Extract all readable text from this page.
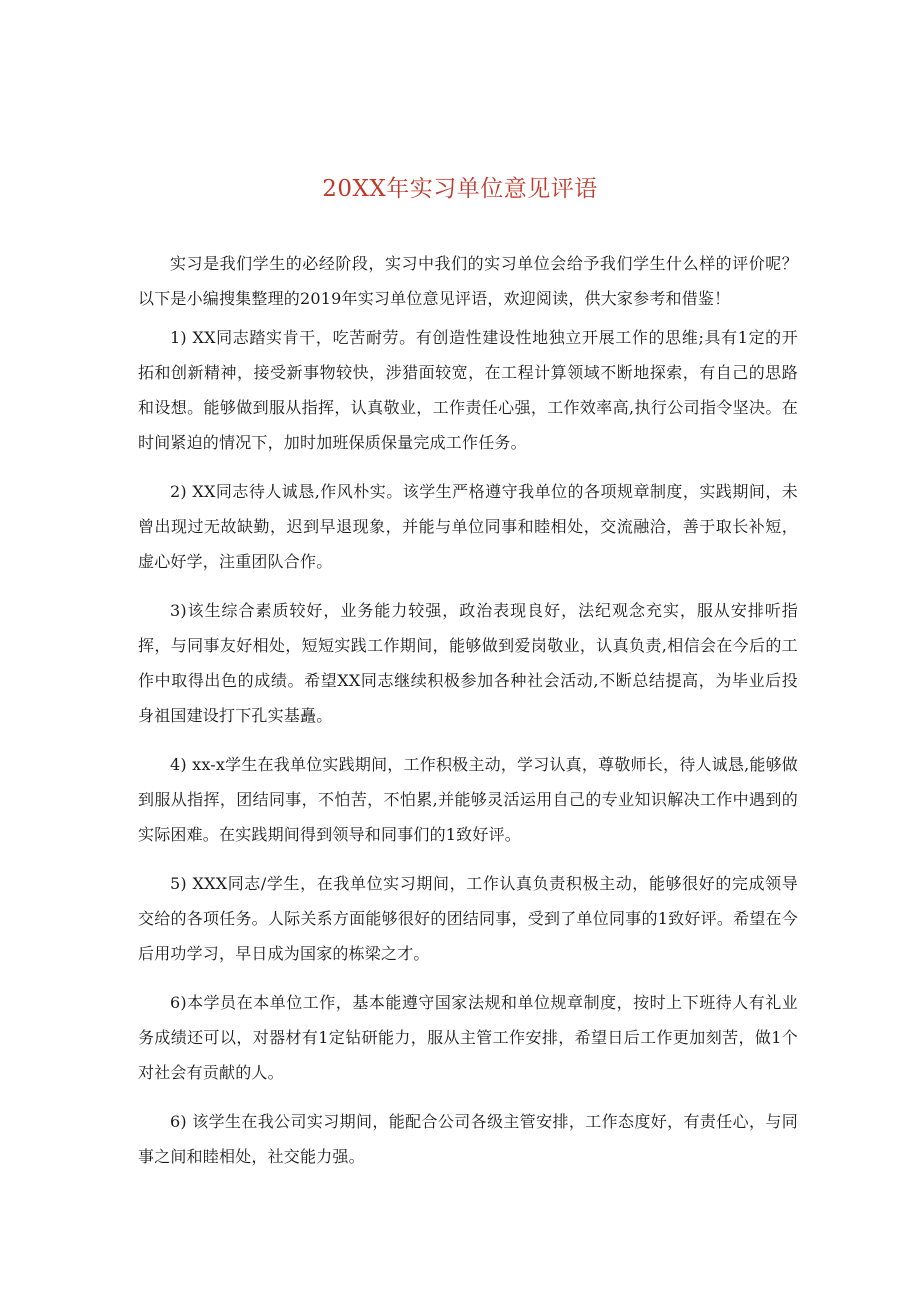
20XX年实习单位意见评语

实习是我们学生的必经阶段，实习中我们的实习单位会给予我们学生什么样的评价呢？以下是小编搜集整理的2019年实习单位意见评语，欢迎阅读，供大家参考和借鉴！

1) XX同志踏实肯干，吃苦耐劳。有创造性建设性地独立开展工作的思维;具有1定的开拓和创新精神，接受新事物较快，涉猎面较宽，在工程计算领域不断地探索，有自己的思路和设想。能够做到服从指挥，认真敬业，工作责任心强，工作效率高,执行公司指令坚决。在时间紧迫的情况下，加时加班保质保量完成工作任务。

2) XX同志待人诚恳,作风朴实。该学生严格遵守我单位的各项规章制度，实践期间，未曾出现过无故缺勤，迟到早退现象，并能与单位同事和睦相处，交流融洽，善于取长补短，虚心好学，注重团队合作。

3)该生综合素质较好，业务能力较强，政治表现良好，法纪观念充实，服从安排听指挥，与同事友好相处，短短实践工作期间，能够做到爱岗敬业，认真负责,相信会在今后的工作中取得出色的成绩。希望XX同志继续积极参加各种社会活动,不断总结提高，为毕业后投身祖国建设打下孔实基矗。

4) xx-x学生在我单位实践期间，工作积极主动，学习认真，尊敬师长，待人诚恳,能够做到服从指挥，团结同事，不怕苦，不怕累,并能够灵活运用自己的专业知识解决工作中遇到的实际困难。在实践期间得到领导和同事们的1致好评。

5) XXX同志/学生，在我单位实习期间，工作认真负责积极主动，能够很好的完成领导交给的各项任务。人际关系方面能够很好的团结同事，受到了单位同事的1致好评。希望在今后用功学习，早日成为国家的栋梁之才。

6)本学员在本单位工作，基本能遵守国家法规和单位规章制度，按时上下班待人有礼业务成绩还可以，对器材有1定钻研能力，服从主管工作安排，希望日后工作更加刻苦，做1个对社会有贡献的人。

6) 该学生在我公司实习期间，能配合公司各级主管安排，工作态度好，有责任心，与同事之间和睦相处，社交能力强。
